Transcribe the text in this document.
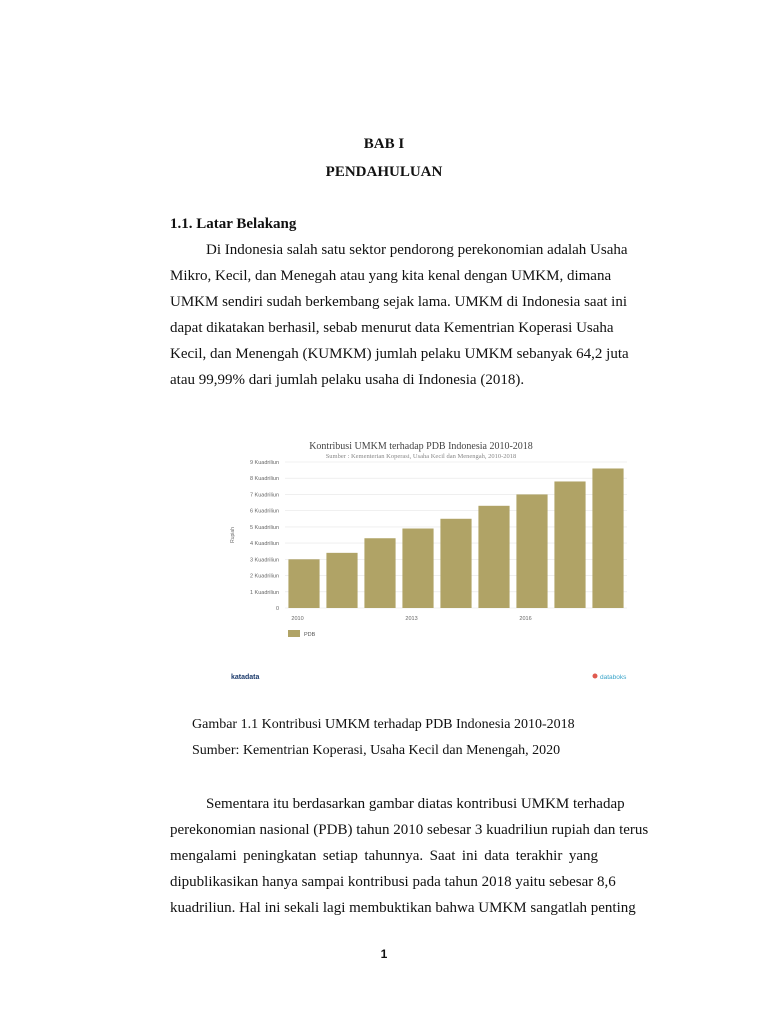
BAB I
PENDAHULUAN
1.1. Latar Belakang
Di Indonesia salah satu sektor pendorong perekonomian adalah Usaha
Mikro, Kecil, dan Menegah atau yang kita kenal dengan UMKM, dimana
UMKM sendiri sudah berkembang sejak lama. UMKM di Indonesia saat ini
dapat dikatakan berhasil, sebab menurut data Kementrian Koperasi Usaha
Kecil, dan Menengah (KUMKM) jumlah pelaku UMKM sebanyak 64,2 juta
atau 99,99% dari jumlah pelaku usaha di Indonesia (2018).
Kontribusi UMKM terhadap PDB Indonesia 2010-2018
Sumber : Kementerian Koperasi, Usaha Kecil dan Menengah, 2010-2018
0
1 Kuadriliun
2 Kuadriliun
3 Kuadriliun
4 Kuadriliun
5 Kuadriliun
6 Kuadriliun
7 Kuadriliun
8 Kuadriliun
9 Kuadriliun
Rupiah
2010	2013	2016
PDB
katadata	databoks
Gambar 1.1 Kontribusi UMKM terhadap PDB Indonesia 2010-2018
Sumber: Kementrian Koperasi, Usaha Kecil dan Menengah, 2020
Sementara itu berdasarkan gambar diatas kontribusi UMKM terhadap
perekonomian nasional (PDB) tahun 2010 sebesar 3 kuadriliun rupiah dan terus
mengalami peningkatan setiap tahunnya. Saat ini data terakhir yang
dipublikasikan hanya sampai kontribusi pada tahun 2018 yaitu sebesar 8,6
kuadriliun. Hal ini sekali lagi membuktikan bahwa UMKM sangatlah penting
1
